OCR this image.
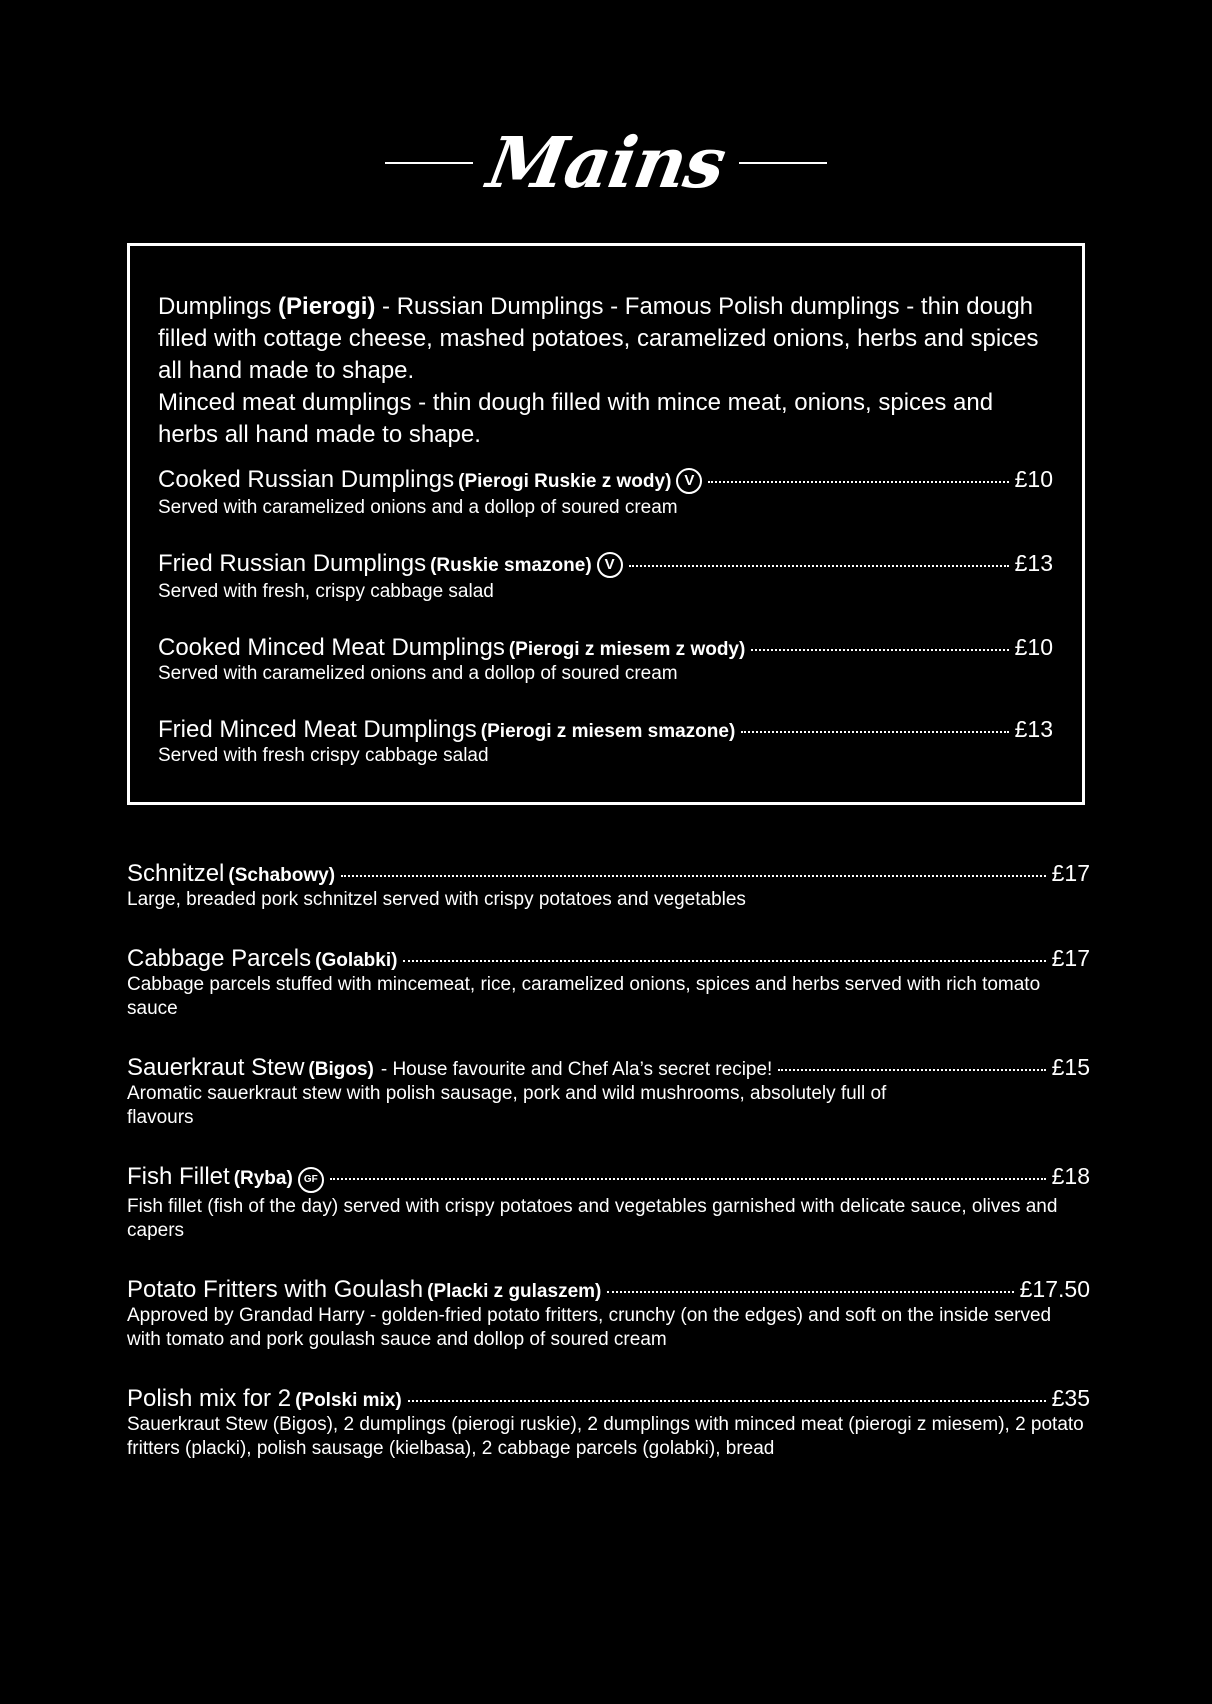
Mains

Dumplings (Pierogi) - Russian Dumplings - Famous Polish dumplings - thin dough filled with cottage cheese, mashed potatoes, caramelized onions, herbs and spices all hand made to shape.

Minced meat dumplings - thin dough filled with mince meat, onions, spices and herbs all hand made to shape.

Cooked Russian Dumplings (Pierogi Ruskie z wody) V	£10
Served with caramelized onions and a dollop of soured cream
Fried Russian Dumplings (Ruskie smazone) V	£13
Served with fresh, crispy cabbage salad
Cooked Minced Meat Dumplings (Pierogi z miesem z wody)	£10
Served with caramelized onions and a dollop of soured cream
Fried Minced Meat Dumplings (Pierogi z miesem smazone)	£13
Served with fresh crispy cabbage salad
Schnitzel (Schabowy)	£17
Large, breaded pork schnitzel served with crispy potatoes and vegetables
Cabbage Parcels (Golabki)	£17
Cabbage parcels stuffed with mincemeat, rice, caramelized onions, spices and herbs served with rich tomato sauce
Sauerkraut Stew (Bigos) - House favourite and Chef Ala’s secret recipe!	£15
Aromatic sauerkraut stew with polish sausage, pork and wild mushrooms, absolutely full of flavours
Fish Fillet (Ryba)	GF	£18
Fish fillet (fish of the day) served with crispy potatoes and vegetables garnished with delicate sauce, olives and capers
Potato Fritters with Goulash (Placki z gulaszem)	£17.50
Approved by Grandad Harry - golden-fried potato fritters, crunchy (on the edges) and soft on the inside served with tomato and pork goulash sauce and dollop of soured cream
Polish mix for 2 (Polski mix)	£35
Sauerkraut Stew (Bigos), 2 dumplings (pierogi ruskie), 2 dumplings with minced meat (pierogi z miesem), 2 potato fritters (placki), polish sausage (kielbasa), 2 cabbage parcels (golabki), bread
